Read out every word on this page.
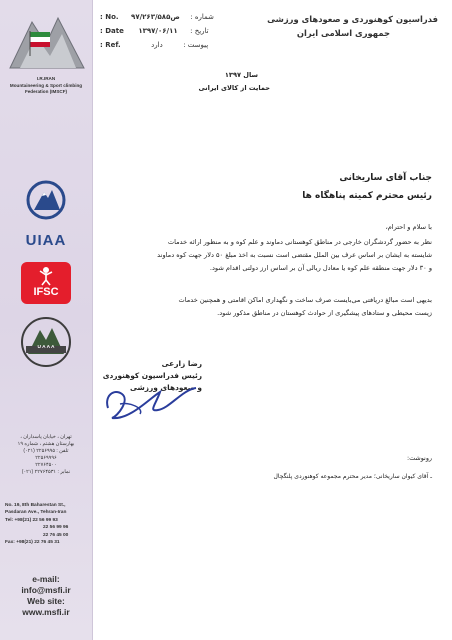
I.R.IRAN
Mountaineering & Sport climbing Federation (IMSCF)
UIAA
IFSC
U A A A
تهران ، خیابان پاسداران ،
بهارستان هشتم ، شماره ۱۹
تلفن : ۲۲۵۶۹۹۵ (۰۲۱)
۲۲۵۶۹۹۹۶
۲۲۷۶۴۵۰۰
نمابر : ۲۲۷۶۴۵۳۱ (۰۲۱)
No. 19, 8th Baharestan St.,
Pasdaran Ave., Tehran-Iran
Tel: +98(21) 22 56 99 93
22 56 99 96
22 76 45 00
Fax: +98(21) 22 76 45 31
e-mail:
info@msfi.ir
Web site:
www.msfi.ir
فدراسیون کوهنوردی و صعودهای ورزشی
جمهوری اسلامی ایران
: No. ۹۷/۲۶۳/ص۵۸۵ شماره :
: Date ۱۳۹۷/۰۶/۱۱ تاریخ :
: Ref.	دارد	پیوست :
سال ۱۳۹۷
حمایت از کالای ایرانی
جناب آقای ساریخانی
رئیس محترم کمیته پناهگاه ها
با سلام و احترام،
نظر به حضور گردشگران خارجی در مناطق کوهستانی دماوند و علم کوه و به منظور ارائه خدمات
شایسته به ایشان بر اساس عرف بین الملل مقتضی است نسبت به اخذ مبلغ ۵۰ دلار جهت کوه دماوند
و ۳۰ دلار جهت منطقه علم کوه یا معادل ریالی آن بر اساس ارز دولتی اقدام شود.
بدیهی است مبالغ دریافتی می‌بایست صرف ساخت و نگهداری اماکن اقامتی و همچنین خدمات
زیست محیطی و ستادهای پیشگیری از حوادث کوهستان در مناطق مذکور شود.
رضا زارعی
رئیس فدراسیون کوهنوردی
و صعودهای ورزشی
رونوشت:
ـ آقای کیوان ساریخانی؛ مدیر محترم مجموعه کوهنوردی پلنگچال
